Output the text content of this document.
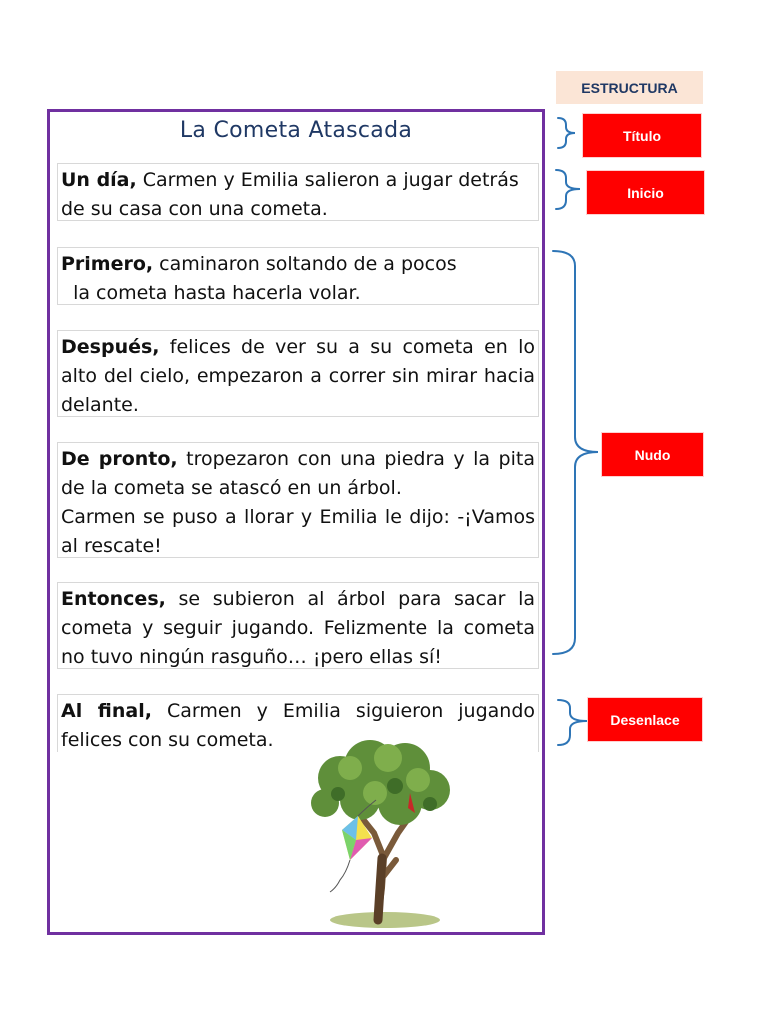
La Cometa Atascada
Un día, Carmen y Emilia salieron a jugar detrás
de su casa con una cometa.
Primero, caminaron soltando de a pocos
la cometa hasta hacerla volar.
Después, felices de ver su a su cometa en lo alto del cielo, empezaron a correr sin mirar hacia delante.
De pronto, tropezaron con una piedra y la pita de la cometa se atascó en un árbol.
Carmen se puso a llorar y Emilia le dijo: -¡Vamos al rescate!
Entonces, se subieron al árbol para sacar la cometa y seguir jugando. Felizmente la cometa no tuvo ningún rasguño… ¡pero ellas sí!
Al final, Carmen y Emilia siguieron jugando felices con su cometa.
ESTRUCTURA
Título
Inicio
Nudo
Desenlace
